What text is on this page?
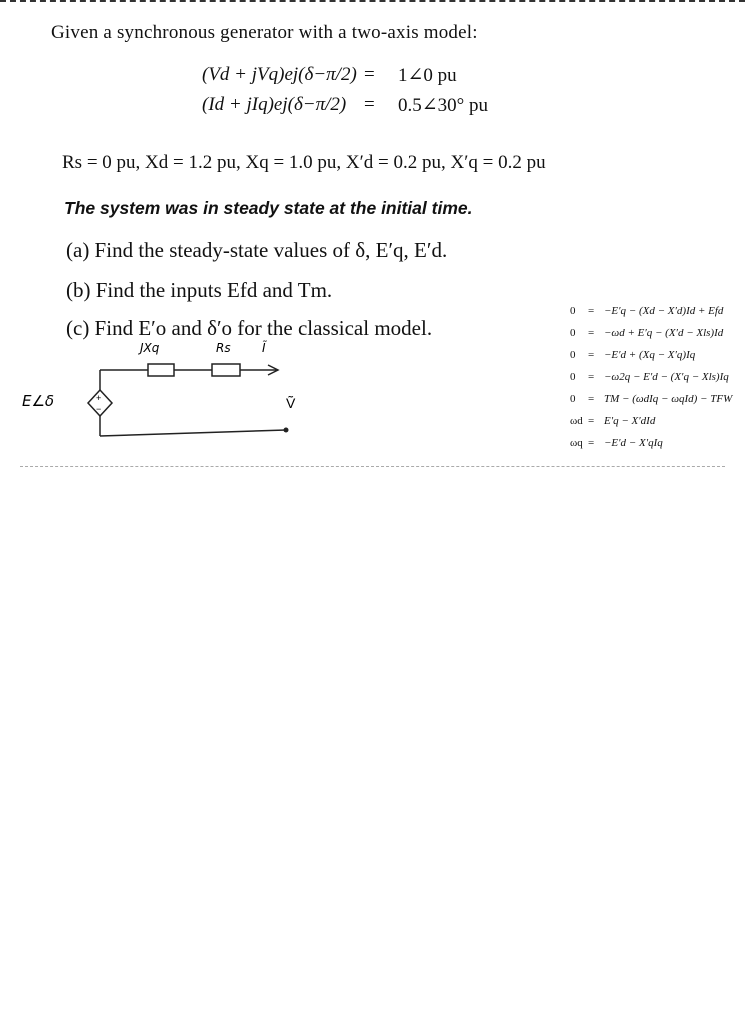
Given a synchronous generator with a two-axis model:
(Vd + jVq)ej(δ−π/2) = 1∠0 pu
(Id + jIq)ej(δ−π/2) = 0.5∠30° pu
Rs = 0 pu, Xd = 1.2 pu, Xq = 1.0 pu, X′d = 0.2 pu, X′q = 0.2 pu
The system was in steady state at the initial time.
(a) Find the steady-state values of δ, E′q, E′d.
(b) Find the inputs Efd and Tm.
(c) Find E′o and δ′o for the classical model.
JXq	Rs	Ĩ
Ṽ
+
−
E∠δ
0 = −E′q − (Xd − X′d)Id + Efd
0 = −ωd + E′q − (X′d − Xls)Id
0 = −E′d + (Xq − X′q)Iq
0 = −ω2q − E′d − (X′q − Xls)Iq
0 = TM − (ωdIq − ωqId) − TFW
ωd = E′q − X′dId
ωq = −E′d − X′qIq
